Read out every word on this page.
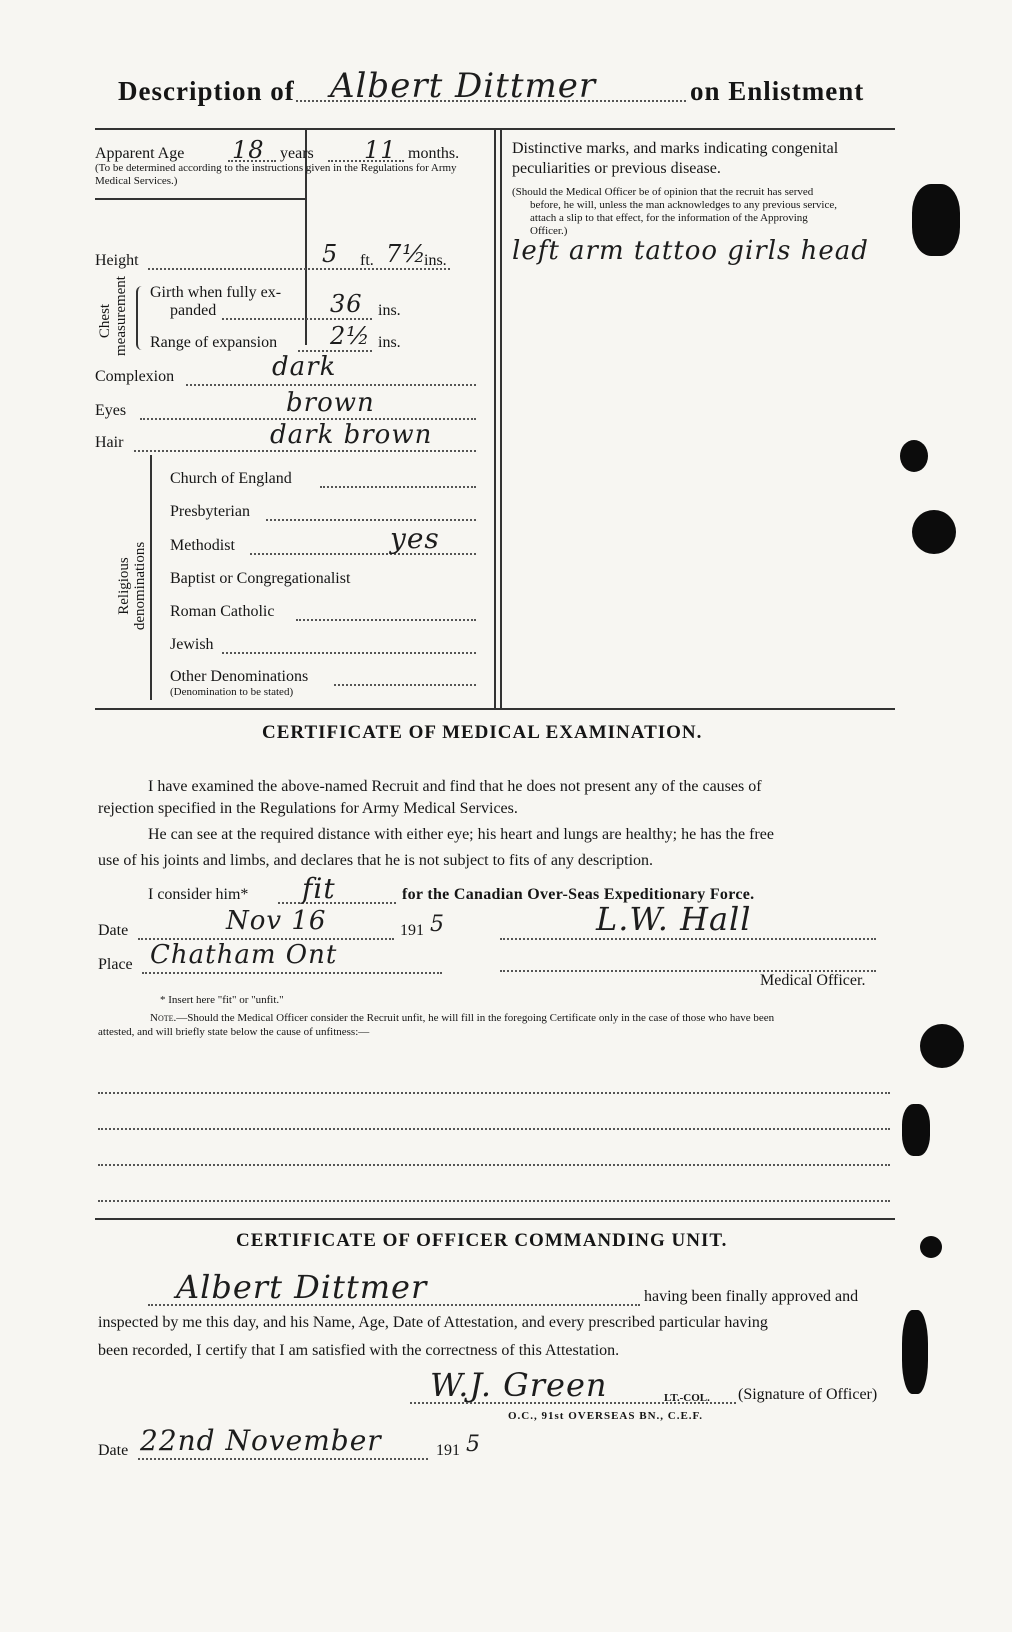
Description of Albert Dittmer	on Enlistment
Apparent Age 18 years 11 months.
(To be determined according to the instructions given in the Regulations for Army Medical Services.)
Height	5 ft. 7½
ins.
Chest measurement Girth when fully ex-
panded	36 ins.
Range of expansion 2½ ins.
Complexion	dark
Eyes	brown
Hair	dark brown
Religious denominations
Church of England
Presbyterian
Methodist	yes
Baptist or Congregationalist
Roman Catholic
Jewish
Other Denominations
(Denomination to be stated)
Distinctive marks, and marks indicating congenital
peculiarities or previous disease.
(Should the Medical Officer be of opinion that the recruit has served
before, he will, unless the man acknowledges to any previous service,
attach a slip to that effect, for the information of the Approving
Officer.)
left arm tattoo girls head
CERTIFICATE OF MEDICAL EXAMINATION.
I have examined the above-named Recruit and find that he does not present any of the causes of
rejection specified in the Regulations for Army Medical Services.
He can see at the required distance with either eye; his heart and lungs are healthy; he has the free
use of his joints and limbs, and declares that he is not subject to fits of any description.
I consider him* fit	for the Canadian Over-Seas Expeditionary Force.
Date	Nov 16	191 5	L.W. Hall
Place Chatham Ont
Medical Officer.
* Insert here "fit" or "unfit."
Note.—Should the Medical Officer consider the Recruit unfit, he will fill in the foregoing Certificate only in the case of those who have been
attested, and will briefly state below the cause of unfitness:—
CERTIFICATE OF OFFICER COMMANDING UNIT.
Albert Dittmer	having been finally approved and
inspected by me this day, and his Name, Age, Date of Attestation, and every prescribed particular having
been recorded, I certify that I am satisfied with the correctness of this Attestation.
W.J. Green	LT.-COL. (Signature of Officer)
O.C., 91st OVERSEAS BN., C.E.F.
Date 22nd November	191 5
